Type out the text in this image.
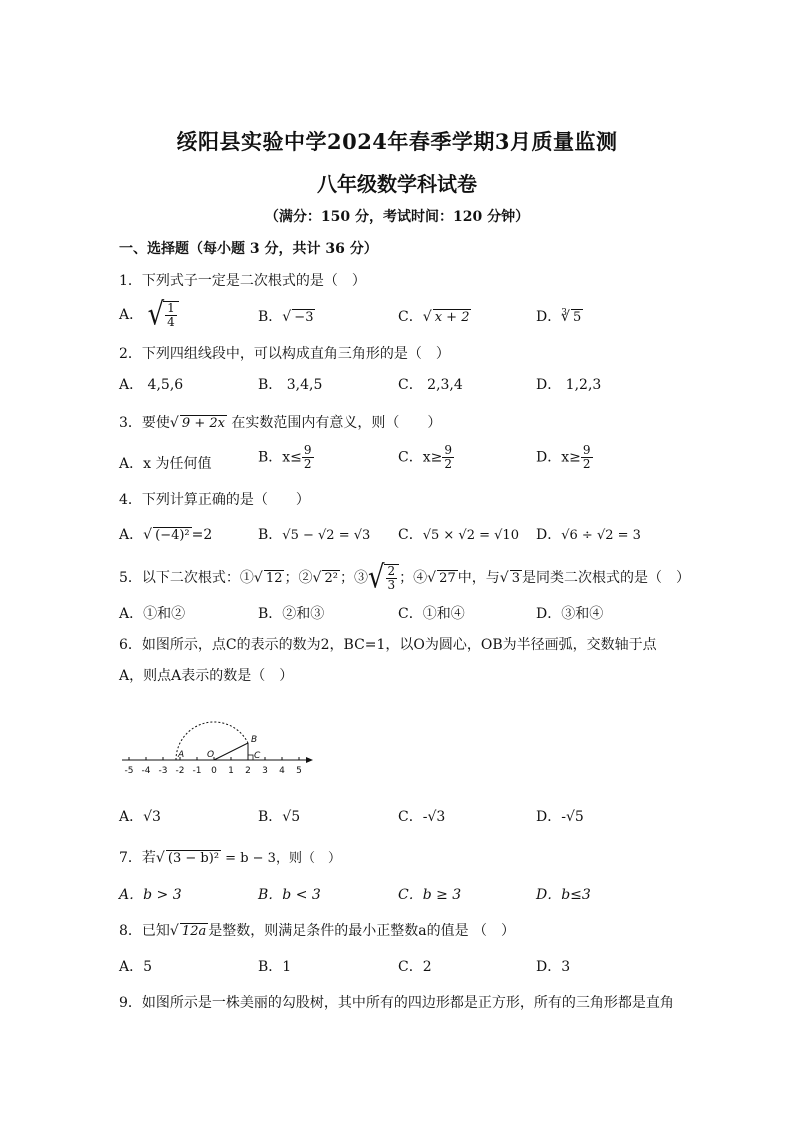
绥阳县实验中学2024年春季学期3月质量监测
八年级数学科试卷
（满分：150 分，考试时间：120 分钟）
一、选择题（每小题 3 分，共计 36 分）
1．下列式子一定是二次根式的是（　）
A． √ $\frac{1}{4}$	B． √ −3	C． √ x + 2	D．$^3$ √ 5
2．下列四组线段中，可以构成直角三角形的是（　）
A． 4,5,6	B． 3,4,5	C． 2,3,4	D． 1,2,3
3．要使 √ 9 + 2x 在实数范围内有意义，则（　　）
A．x 为任何值	B．$x\le \frac{9}{2}$	C．$x\ge \frac{9}{2}$	D．$x\ge \frac{9}{2}$
4．下列计算正确的是（　　）
A． √ (−4)² =2	B．√5 − √2 = √3 C．√5 × √2 = √10 D．√6 ÷ √2 = 3
5．以下二次根式：① √ 12 ；② √ 2² ；③ √ $\frac{2}{3}$ ；④ √ 27 中，与 √ 3 是同类二次根式的是（　）
A．①和②	B．②和③	C．①和④	D．③和④
6．如图所示，点C的表示的数为2，BC=1，以O为圆心，OB为半径画弧，交数轴于点
A，则点A表示的数是（　）
-5 -4 -3 -2 -1 0 1 2 3 4 5
A	O
B
C
A．√3	B．√5	C．-√3	D．-√5
7．若 √ (3 − b)² = b − 3，则（　）
A．b > 3	B．b < 3	C．b ≥ 3	D．b≤3
8．已知 √ 12a 是整数，则满足条件的最小正整数a的值是 （　）
A．5	B．1	C．2	D．3
9．如图所示是一株美丽的勾股树，其中所有的四边形都是正方形，所有的三角形都是直角
